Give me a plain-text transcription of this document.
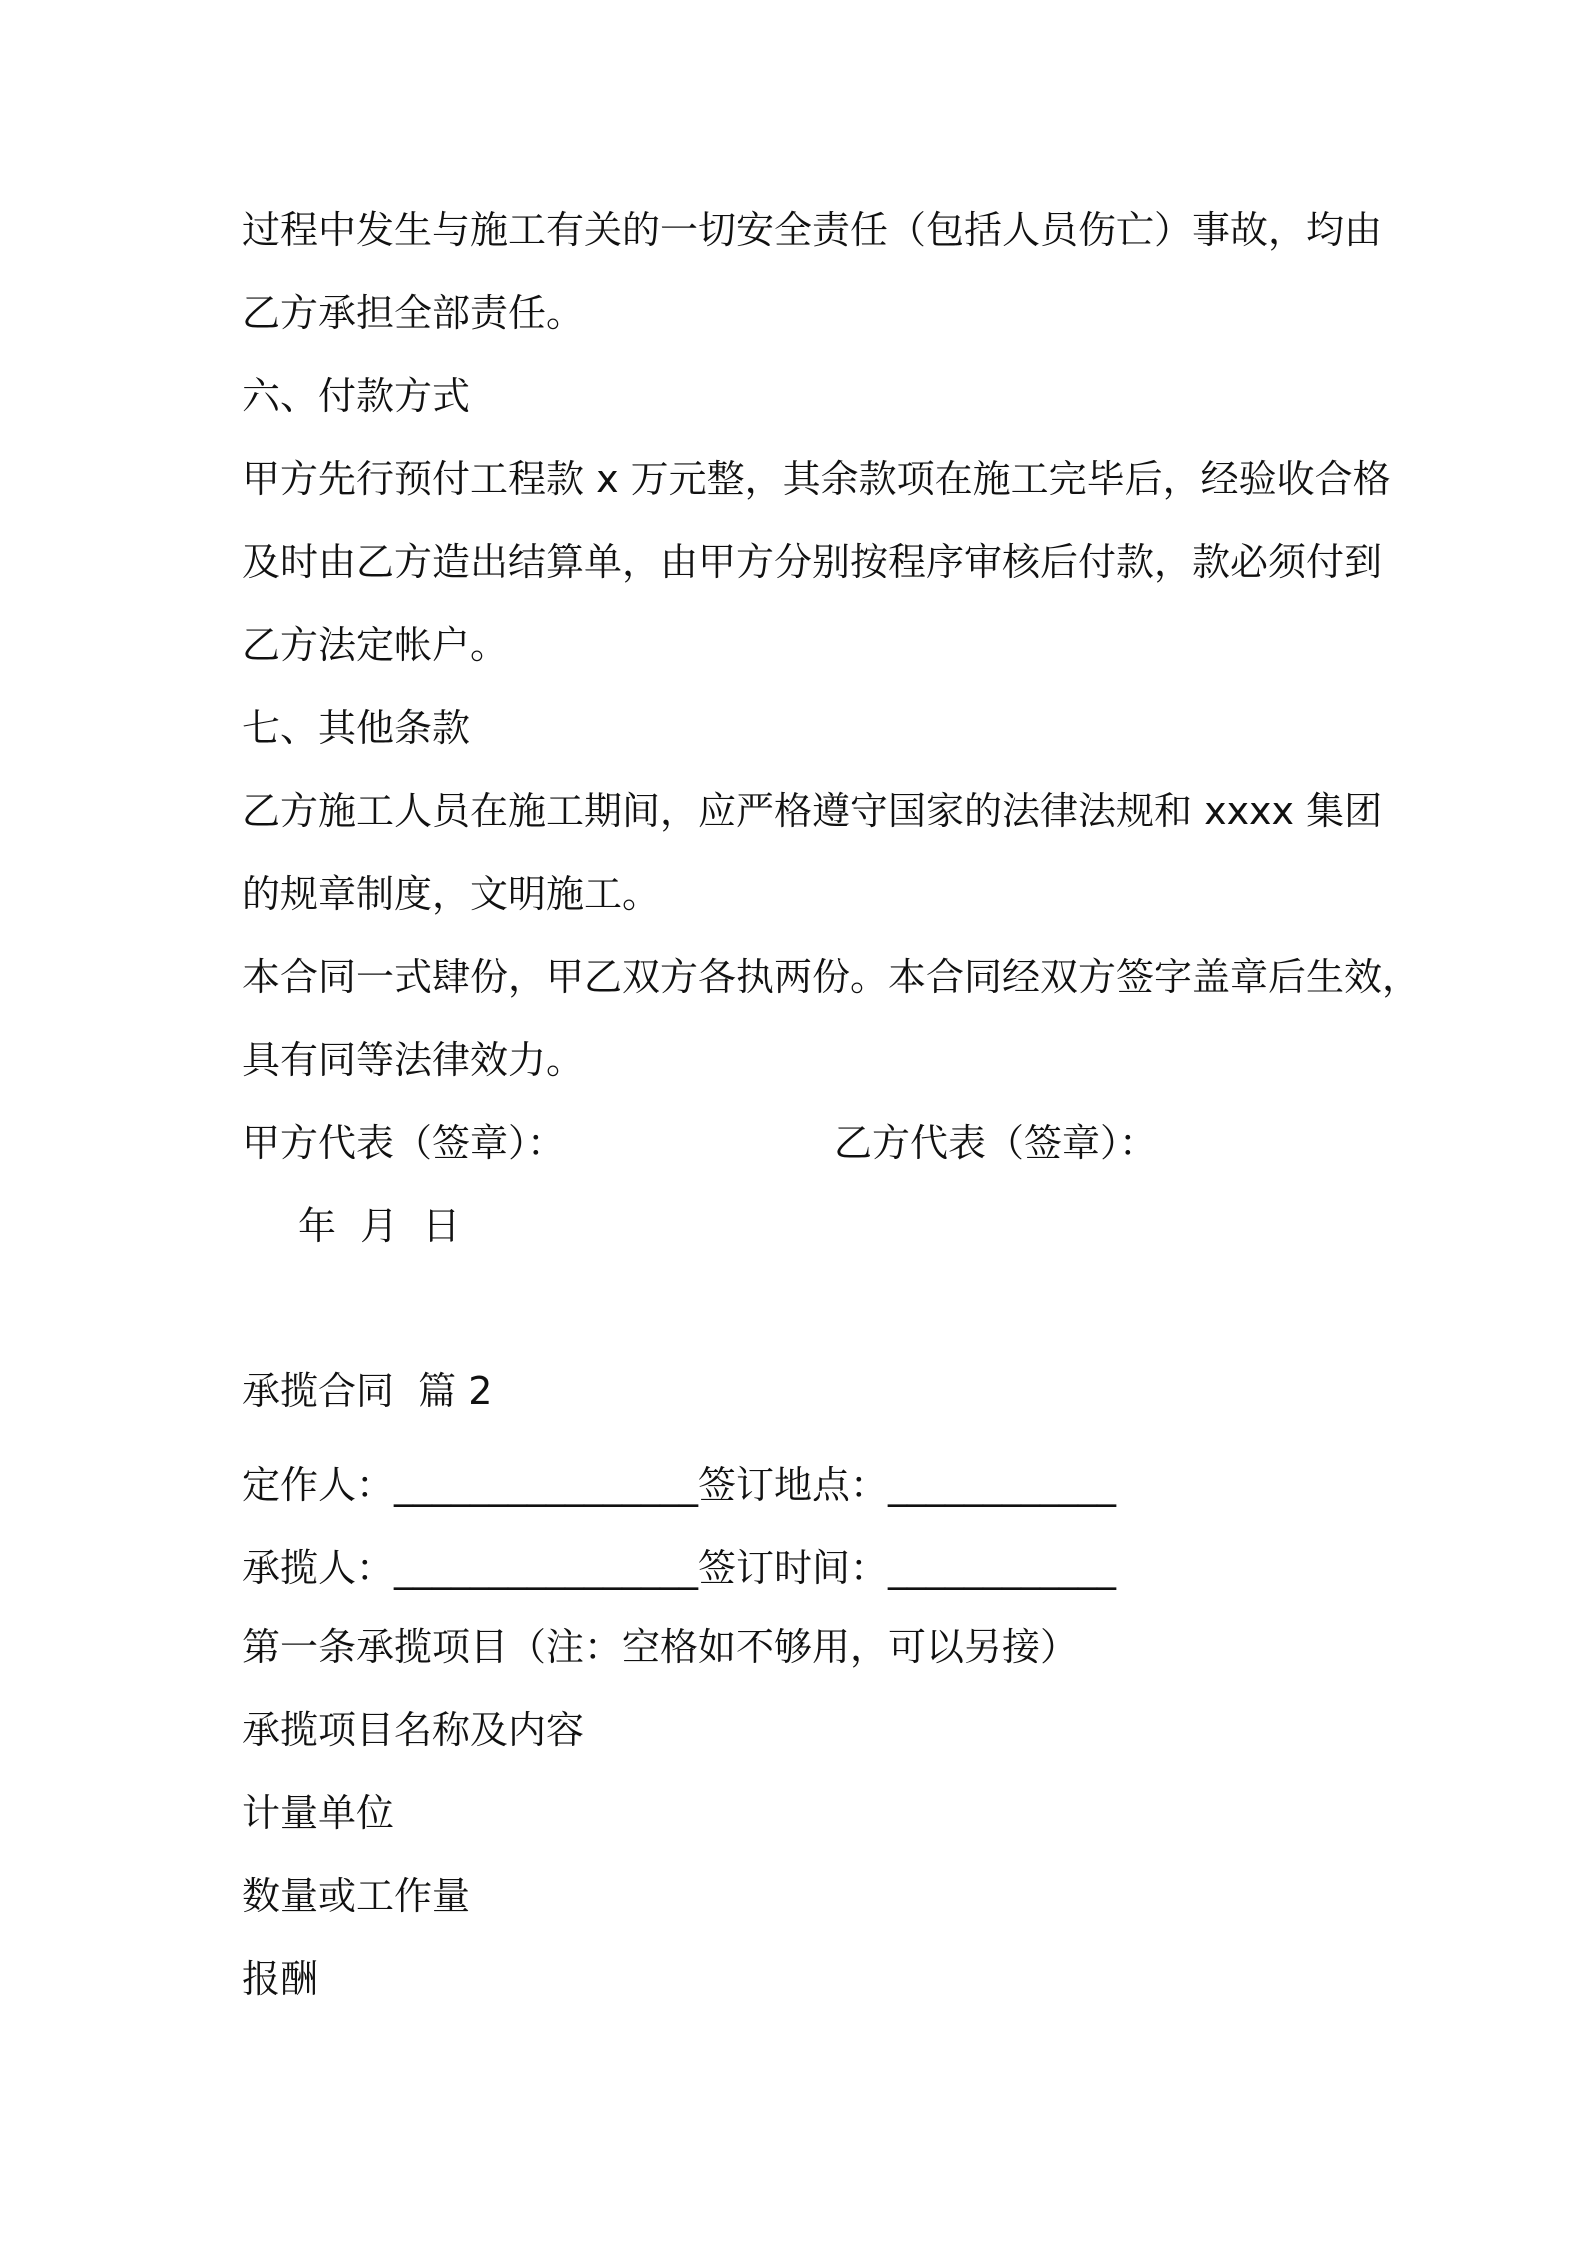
过程中发生与施工有关的一切安全责任（包括人员伤亡）事故，均由

乙方承担全部责任。

六、付款方式

甲方先行预付工程款 x 万元整，其余款项在施工完毕后，经验收合格

及时由乙方造出结算单，由甲方分别按程序审核后付款，款必须付到

乙方法定帐户。

七、其他条款

乙方施工人员在施工期间，应严格遵守国家的法律法规和 xxxx 集团

的规章制度，文明施工。

本合同一式肆份，甲乙双方各执两份。本合同经双方签字盖章后生效，

具有同等法律效力。

甲方代表（签章）：	乙方代表（签章）：
年  月  日
承揽合同  篇 2

定作人：________________签订地点：____________

承揽人：________________签订时间：____________

第一条承揽项目（注：空格如不够用，可以另接）

承揽项目名称及内容

计量单位

数量或工作量

报酬
